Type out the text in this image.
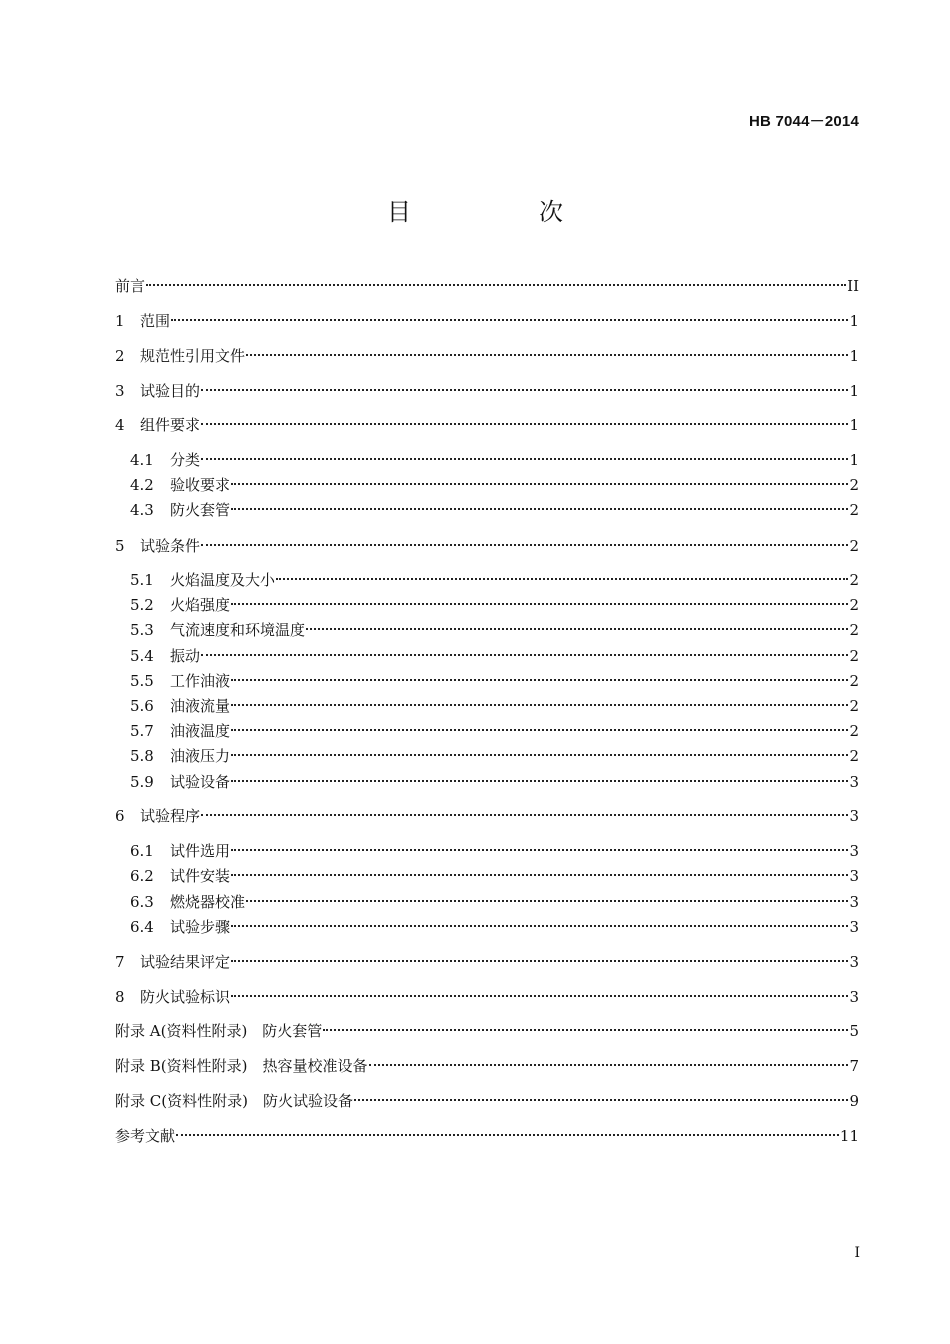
HB 7044－2014
目　次
前言	II
1	范围	1
2	规范性引用文件	1
3	试验目的	1
4	组件要求	1
4.1	分类	1
4.2	验收要求	2
4.3	防火套管	2
5	试验条件	2
5.1	火焰温度及大小	2
5.2	火焰强度	2
5.3	气流速度和环境温度	2
5.4	振动	2
5.5	工作油液	2
5.6	油液流量	2
5.7	油液温度	2
5.8	油液压力	2
5.9	试验设备	3
6	试验程序	3
6.1	试件选用	3
6.2	试件安装	3
6.3	燃烧器校准	3
6.4	试验步骤	3
7	试验结果评定	3
8	防火试验标识	3
附录 A(资料性附录)　防火套管	5
附录 B(资料性附录)　热容量校准设备	7
附录 C(资料性附录)　防火试验设备	9
参考文献	11
I
